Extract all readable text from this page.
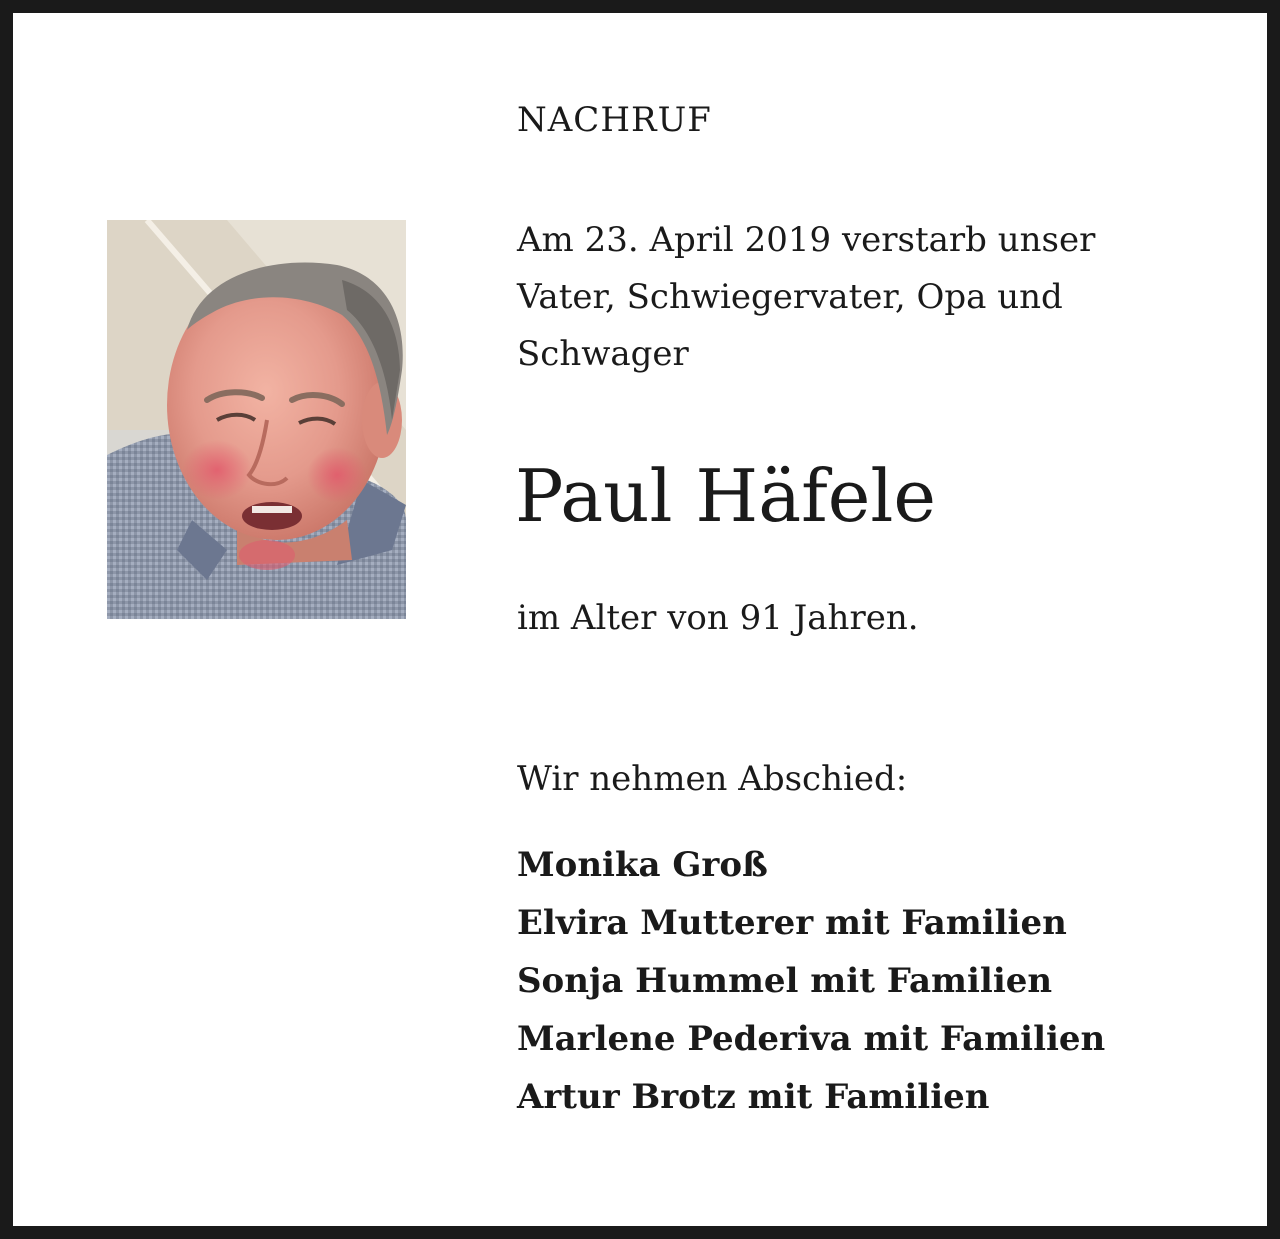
NACHRUF
Am 23. April 2019 verstarb unser
Vater, Schwiegervater, Opa und
Schwager
Paul Häfele
im Alter von 91 Jahren.
Wir nehmen Abschied:
Monika Groß
Elvira Mutterer mit Familien
Sonja Hummel mit Familien
Marlene Pederiva mit Familien
Artur Brotz mit Familien
